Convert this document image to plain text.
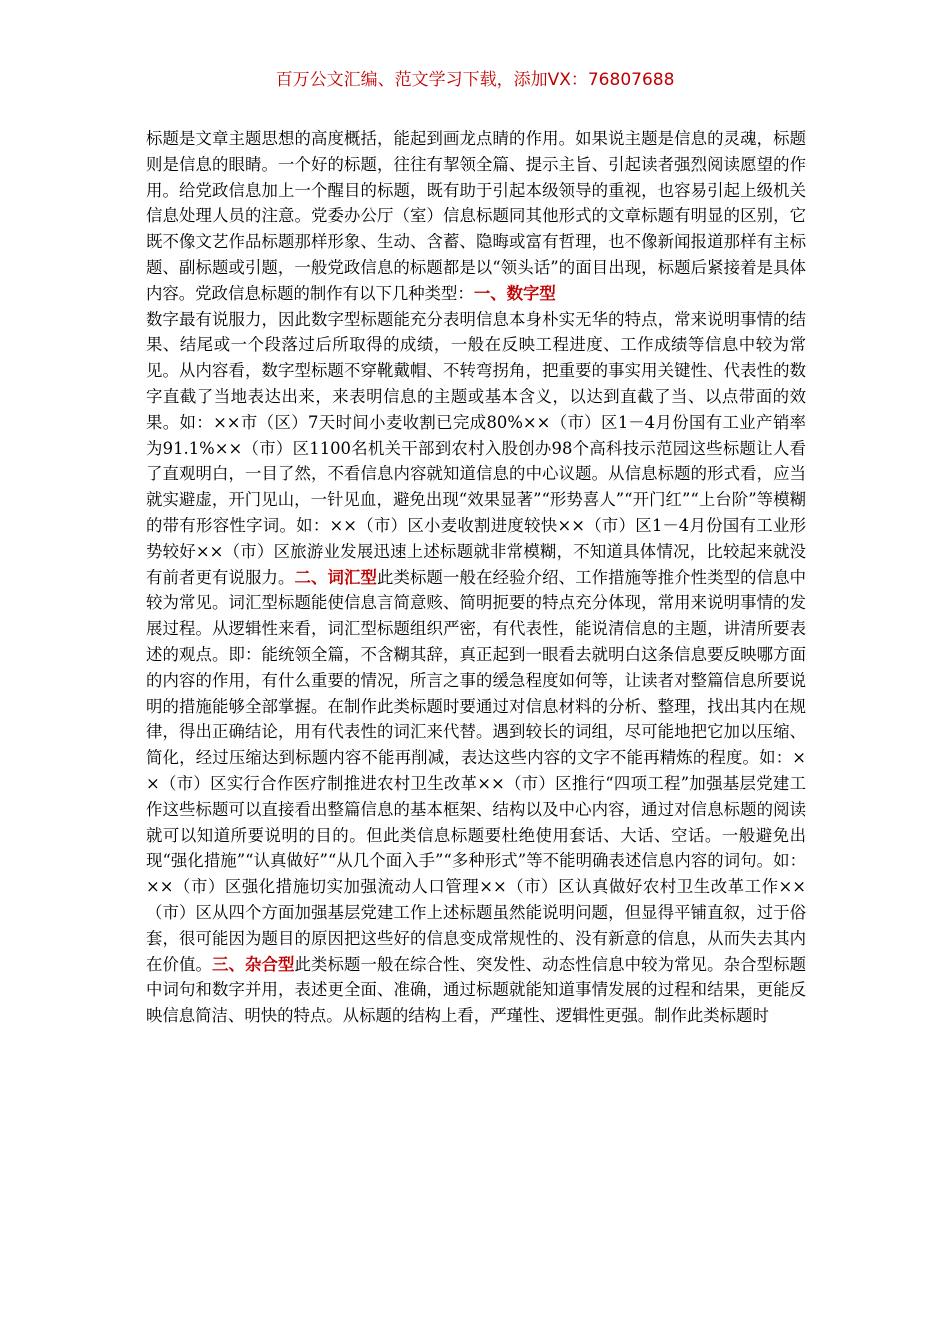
百万公文汇编、范文学习下载，添加VX：76807688

标题是文章主题思想的高度概括，能起到画龙点睛的作用。如果说主题是信息的灵魂，标题则是信息的眼睛。一个好的标题，往往有挈领全篇、提示主旨、引起读者强烈阅读愿望的作用。给党政信息加上一个醒目的标题，既有助于引起本级领导的重视，也容易引起上级机关信息处理人员的注意。党委办公厅（室）信息标题同其他形式的文章标题有明显的区别，它既不像文艺作品标题那样形象、生动、含蓄、隐晦或富有哲理，也不像新闻报道那样有主标题、副标题或引题，一般党政信息的标题都是以“领头话”的面目出现，标题后紧接着是具体内容。党政信息标题的制作有以下几种类型：一、数字型

数字最有说服力，因此数字型标题能充分表明信息本身朴实无华的特点，常来说明事情的结果、结尾或一个段落过后所取得的成绩，一般在反映工程进度、工作成绩等信息中较为常见。从内容看，数字型标题不穿靴戴帽、不转弯拐角，把重要的事实用关键性、代表性的数字直截了当地表达出来，来表明信息的主题或基本含义，以达到直截了当、以点带面的效果。如：××市（区）7天时间小麦收割已完成80%××（市）区1－4月份国有工业产销率为91.1%××（市）区1100名机关干部到农村入股创办98个高科技示范园这些标题让人看了直观明白，一目了然，不看信息内容就知道信息的中心议题。从信息标题的形式看，应当就实避虚，开门见山，一针见血，避免出现“效果显著”“形势喜人”“开门红”“上台阶”等模糊的带有形容性字词。如：××（市）区小麦收割进度较快××（市）区1－4月份国有工业形势较好××（市）区旅游业发展迅速上述标题就非常模糊，不知道具体情况，比较起来就没有前者更有说服力。二、词汇型此类标题一般在经验介绍、工作措施等推介性类型的信息中较为常见。词汇型标题能使信息言简意赅、简明扼要的特点充分体现，常用来说明事情的发展过程。从逻辑性来看，词汇型标题组织严密，有代表性，能说清信息的主题，讲清所要表述的观点。即：能统领全篇，不含糊其辞，真正起到一眼看去就明白这条信息要反映哪方面的内容的作用，有什么重要的情况，所言之事的缓急程度如何等，让读者对整篇信息所要说明的措施能够全部掌握。在制作此类标题时要通过对信息材料的分析、整理，找出其内在规律，得出正确结论，用有代表性的词汇来代替。遇到较长的词组，尽可能地把它加以压缩、简化，经过压缩达到标题内容不能再削减，表达这些内容的文字不能再精炼的程度。如：××（市）区实行合作医疗制推进农村卫生改革××（市）区推行“四项工程”加强基层党建工作这些标题可以直接看出整篇信息的基本框架、结构以及中心内容，通过对信息标题的阅读就可以知道所要说明的目的。但此类信息标题要杜绝使用套话、大话、空话。一般避免出现“强化措施”“认真做好”“从几个面入手”“多种形式”等不能明确表述信息内容的词句。如：××（市）区强化措施切实加强流动人口管理××（市）区认真做好农村卫生改革工作××（市）区从四个方面加强基层党建工作上述标题虽然能说明问题，但显得平铺直叙，过于俗套，很可能因为题目的原因把这些好的信息变成常规性的、没有新意的信息，从而失去其内在价值。三、杂合型此类标题一般在综合性、突发性、动态性信息中较为常见。杂合型标题中词句和数字并用，表述更全面、准确，通过标题就能知道事情发展的过程和结果，更能反映信息简洁、明快的特点。从标题的结构上看，严瑾性、逻辑性更强。制作此类标题时
